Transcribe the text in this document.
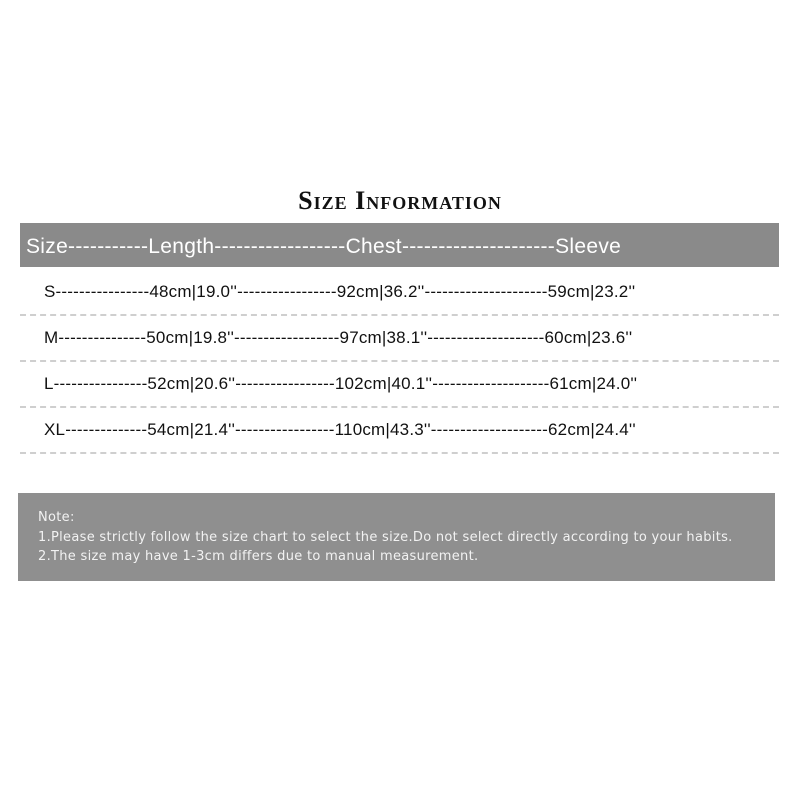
Size Information
Size-----------Length------------------Chest---------------------Sleeve
S----------------48cm|19.0''-----------------92cm|36.2''---------------------59cm|23.2''
M---------------50cm|19.8''------------------97cm|38.1''--------------------60cm|23.6''
L----------------52cm|20.6''-----------------102cm|40.1''--------------------61cm|24.0''
XL--------------54cm|21.4''-----------------110cm|43.3''--------------------62cm|24.4''
Note:
1.Please strictly follow the size chart to select the size.Do not select directly according to your habits.
2.The size may have 1-3cm differs due to manual measurement.
